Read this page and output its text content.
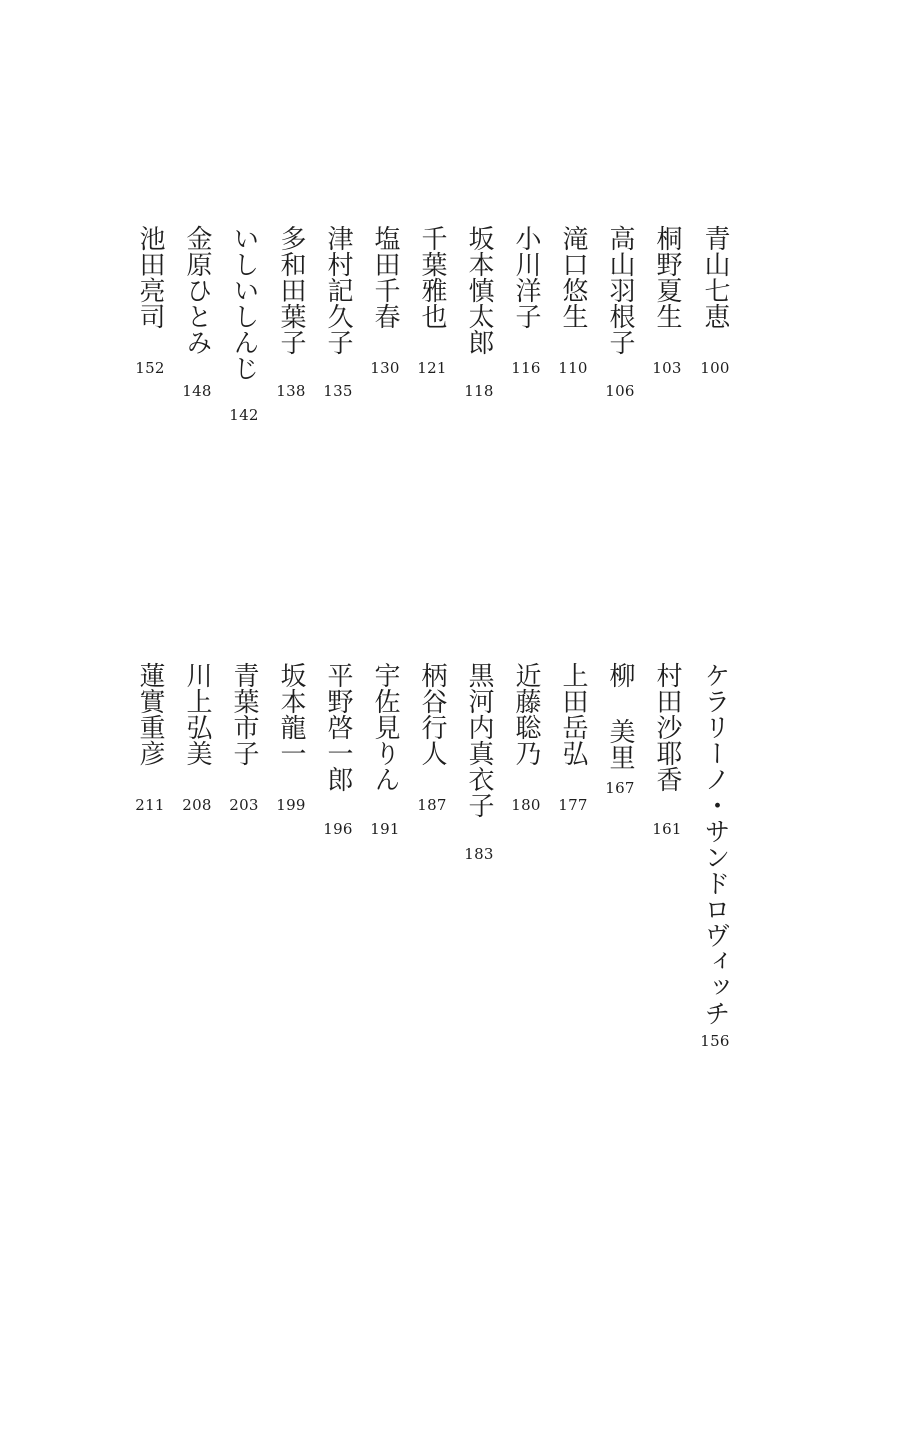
青山七恵
100
桐野夏生
103
高山羽根子
106
滝口悠生
110
小川洋子
116
坂本慎太郎
118
千葉雅也
121
塩田千春
130
津村記久子
135
多和田葉子
138
いしいしんじ
142
金原ひとみ
148
池田亮司
152
ケラリーノ・サンドロヴィッチ
156
村田沙耶香
161
柳 美里
167
上田岳弘
177
近藤聡乃
180
黒河内真衣子
183
柄谷行人
187
宇佐見りん
191
平野啓一郎
196
坂本龍一
199
青葉市子
203
川上弘美
208
蓮實重彦
211
